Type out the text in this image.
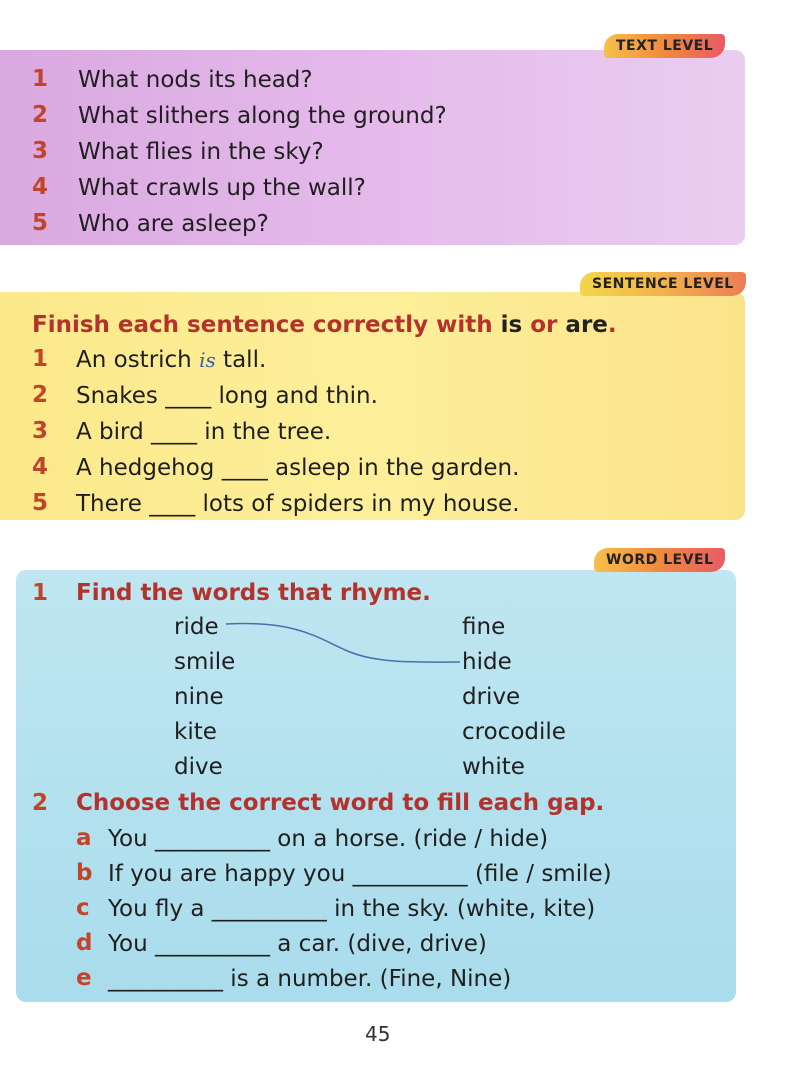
TEXT LEVEL
1 What nods its head?
2 What slithers along the ground?
3 What flies in the sky?
4 What crawls up the wall?
5 Who are asleep?
SENTENCE LEVEL
Finish each sentence correctly with is or are.
1 An ostrich is tall.
2 Snakes ____ long and thin.
3 A bird ____ in the tree.
4 A hedgehog ____ asleep in the garden.
5 There ____ lots of spiders in my house.
WORD LEVEL
1 Find the words that rhyme.
ride
smile
nine
kite
dive
fine
hide
drive
crocodile
white
2 Choose the correct word to fill each gap.
a You __________ on a horse. (ride / hide)
b If you are happy you __________ (file / smile)
c You fly a __________ in the sky. (white, kite)
d You __________ a car. (dive, drive)
e __________ is a number. (Fine, Nine)
45
